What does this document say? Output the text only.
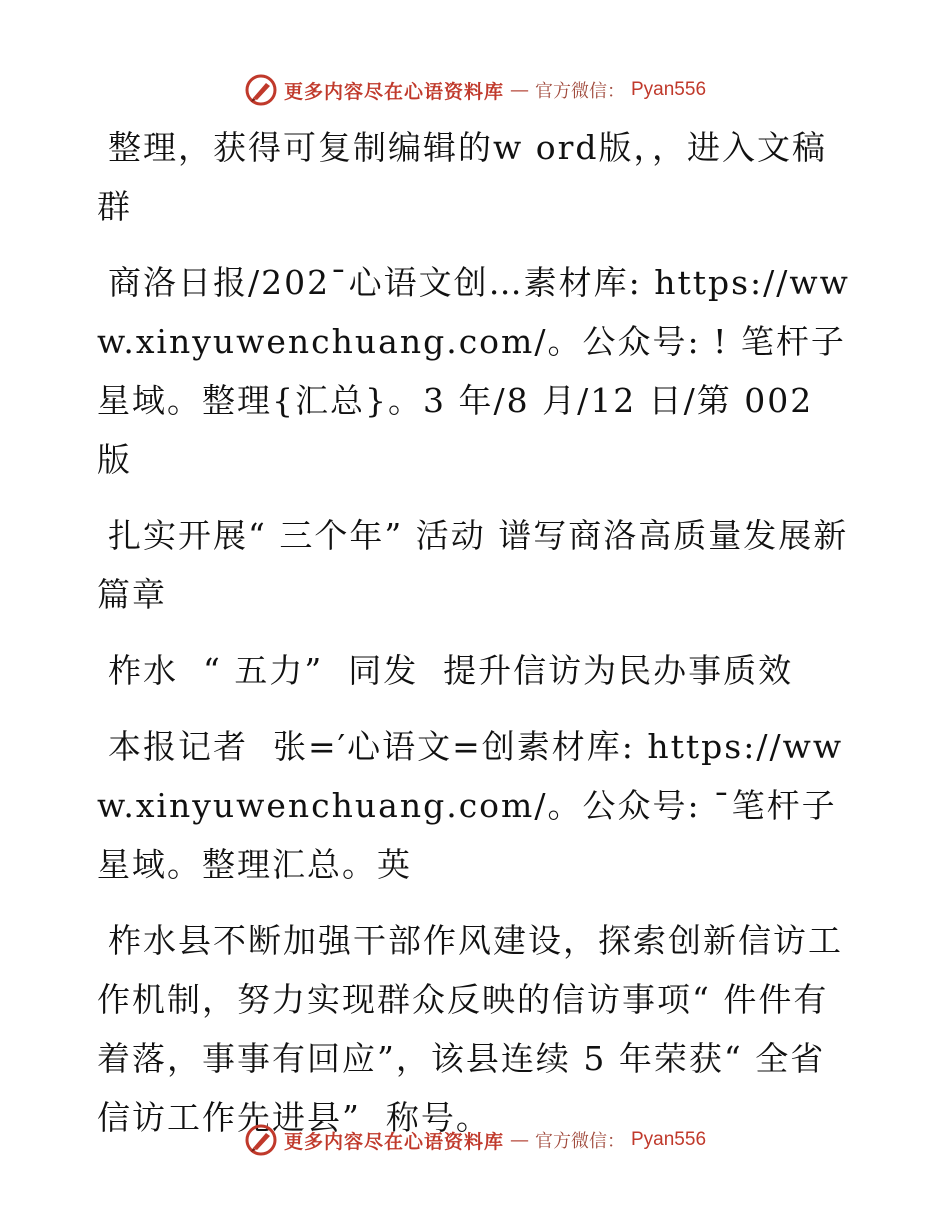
更多内容尽在心语资料库 — 官方微信： Pyan556

整理，获得可复制编辑的w ord版，，进入文稿群

商洛日报/202¯心语文创…素材库: https://www.xinyuwenchuang.com/。公众号: ! 笔杆子星域。整理{汇总}。3 年/8 月/12 日/第 002 版

扎实开展“ 三个年” 活动 谱写商洛高质量发展新篇章

柞水  “ 五力”  同发  提升信访为民办事质效

本报记者  张=′心语文=创素材库: https://www.xinyuwenchuang.com/。公众号: ¯笔杆子星域。整理汇总。英

柞水县不断加强干部作风建设，探索创新信访工作机制，努力实现群众反映的信访事项“ 件件有着落，事事有回应”，该县连续 5 年荣获“ 全省信访工作先进县”  称号。

更多内容尽在心语资料库 — 官方微信： Pyan556
